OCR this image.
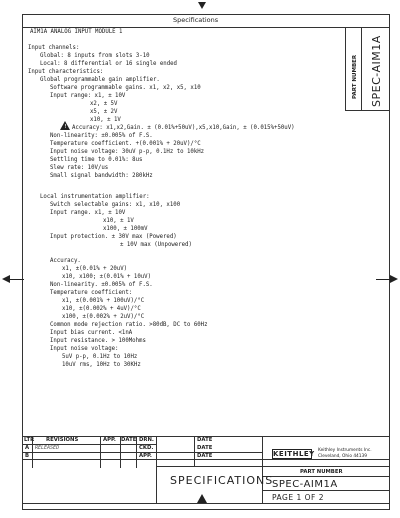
Specifications
PART NUMBER SPEC-AIM1A
AIM1A ANALOG INPUT MODULE 1
Input channels:
Global: 8 inputs from slots 3-10
Local: 8 differential or 16 single ended
Input characteristics:
Global programmable gain amplifier.
Software programmable gains. x1, x2, x5, x10
Input range: x1, ± 10V
x2, ± 5V
x5, ± 2V
x10, ± 1V
! Accuracy: x1,x2,Gain. ± (0.01%+50uV),x5,x10,Gain, ± (0.015%+50uV)
Non-linearity: ±0.005% of F.S.
Temperature coefficient. +(0.001% + 20uV)/°C
Input noise voltage: 30uV p-p, 0.1Hz to 10kHz
Settling time to 0.01%: 8us
Slew rate: 10V/us
Small signal bandwidth: 280kHz
Local instrumentation amplifier:
Switch selectable gains: x1, x10, x100
Input range. x1, ± 10V
x10, ± 1V
x100, ± 100mV
Input protection. ± 30V max (Powered)
± 10V max (Unpowered)
Accuracy.
x1, ±(0.01% + 20uV)
x10, x100; ±(0.01% + 10uV)
Non-linearity. ±0.005% of F.S.
Temperature coefficient:
x1, ±(0.001% + 100uV)/°C
x10, ±(0.002% + 4uV)/°C
x100, ±(0.002% + 2uV)/°C
Common mode rejection ratio. >80dB, DC to 60Hz
Input bias current. <1nA
Input resistance. > 100Mohms
Input noise voltage:
5uV p-p, 0.1Hz to 10Hz
10uV rms, 10Hz to 30KHz
LTR REVISIONS	APP. DATE DRN.	DATE
CKD.	DATE
APP.	DATE
A RELEASED
B
SPECIFICATIONS
KEITHLEY Keithley Instruments Inc.
Cleveland, Ohio 44139
PART NUMBER
SPEC-AIM1A
PAGE 1 OF 2
